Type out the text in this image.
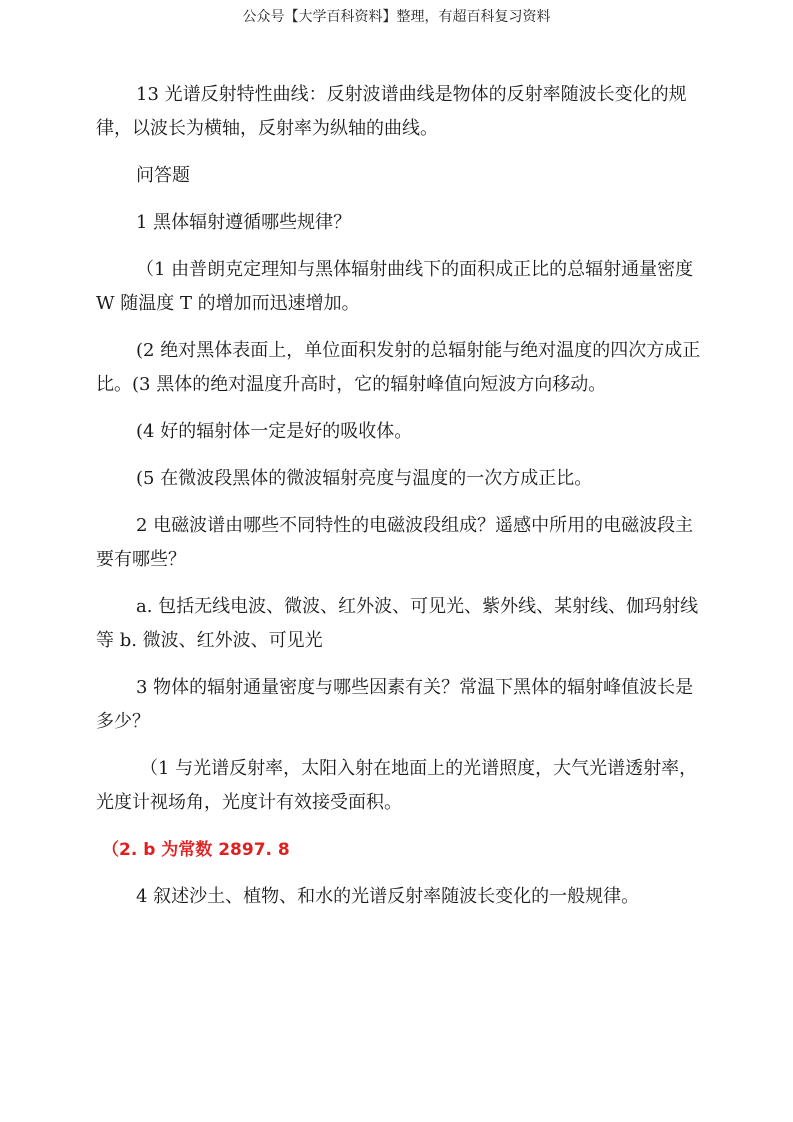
公众号【大学百科资料】整理，有超百科复习资料

13 光谱反射特性曲线：反射波谱曲线是物体的反射率随波长变化的规律，以波长为横轴，反射率为纵轴的曲线。

问答题

1 黑体辐射遵循哪些规律？

（1 由普朗克定理知与黑体辐射曲线下的面积成正比的总辐射通量密度 W 随温度 T 的增加而迅速增加。

(2 绝对黑体表面上，单位面积发射的总辐射能与绝对温度的四次方成正比。(3 黑体的绝对温度升高时，它的辐射峰值向短波方向移动。

(4 好的辐射体一定是好的吸收体。

(5 在微波段黑体的微波辐射亮度与温度的一次方成正比。

2 电磁波谱由哪些不同特性的电磁波段组成？遥感中所用的电磁波段主要有哪些？

a. 包括无线电波、微波、红外波、可见光、紫外线、某射线、伽玛射线等 b. 微波、红外波、可见光

3 物体的辐射通量密度与哪些因素有关？常温下黑体的辐射峰值波长是多少？

（1 与光谱反射率，太阳入射在地面上的光谱照度，大气光谱透射率，光度计视场角，光度计有效接受面积。

（2. b 为常数 2897. 8

4 叙述沙土、植物、和水的光谱反射率随波长变化的一般规律。
